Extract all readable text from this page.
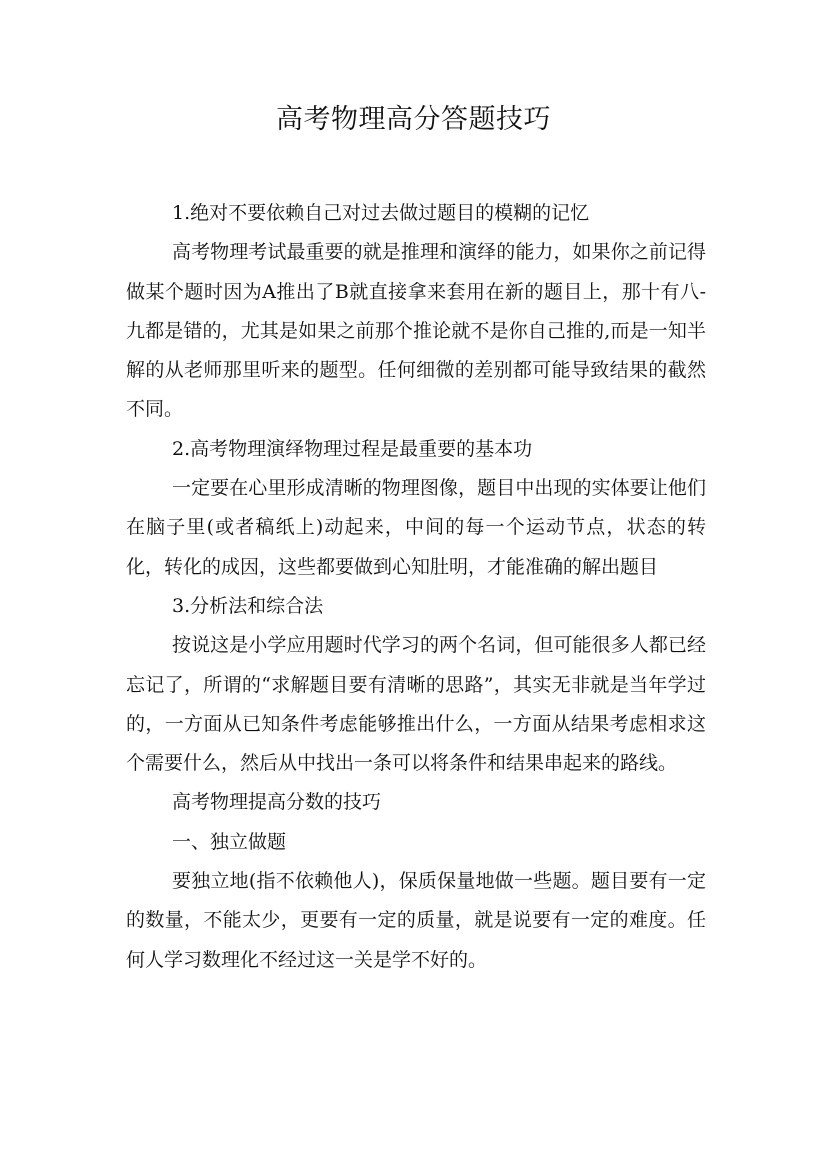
高考物理高分答题技巧

1.绝对不要依赖自己对过去做过题目的模糊的记忆

高考物理考试最重要的就是推理和演绎的能力，如果你之前记得做某个题时因为A推出了B就直接拿来套用在新的题目上，那十有八-九都是错的，尤其是如果之前那个推论就不是你自己推的,而是一知半解的从老师那里听来的题型。任何细微的差别都可能导致结果的截然不同。

2.高考物理演绎物理过程是最重要的基本功

一定要在心里形成清晰的物理图像，题目中出现的实体要让他们在脑子里(或者稿纸上)动起来，中间的每一个运动节点，状态的转化，转化的成因，这些都要做到心知肚明，才能准确的解出题目

3.分析法和综合法

按说这是小学应用题时代学习的两个名词，但可能很多人都已经忘记了，所谓的“求解题目要有清晰的思路”，其实无非就是当年学过的，一方面从已知条件考虑能够推出什么，一方面从结果考虑相求这个需要什么，然后从中找出一条可以将条件和结果串起来的路线。

高考物理提高分数的技巧

一、独立做题

要独立地(指不依赖他人)，保质保量地做一些题。题目要有一定的数量，不能太少，更要有一定的质量，就是说要有一定的难度。任何人学习数理化不经过这一关是学不好的。
